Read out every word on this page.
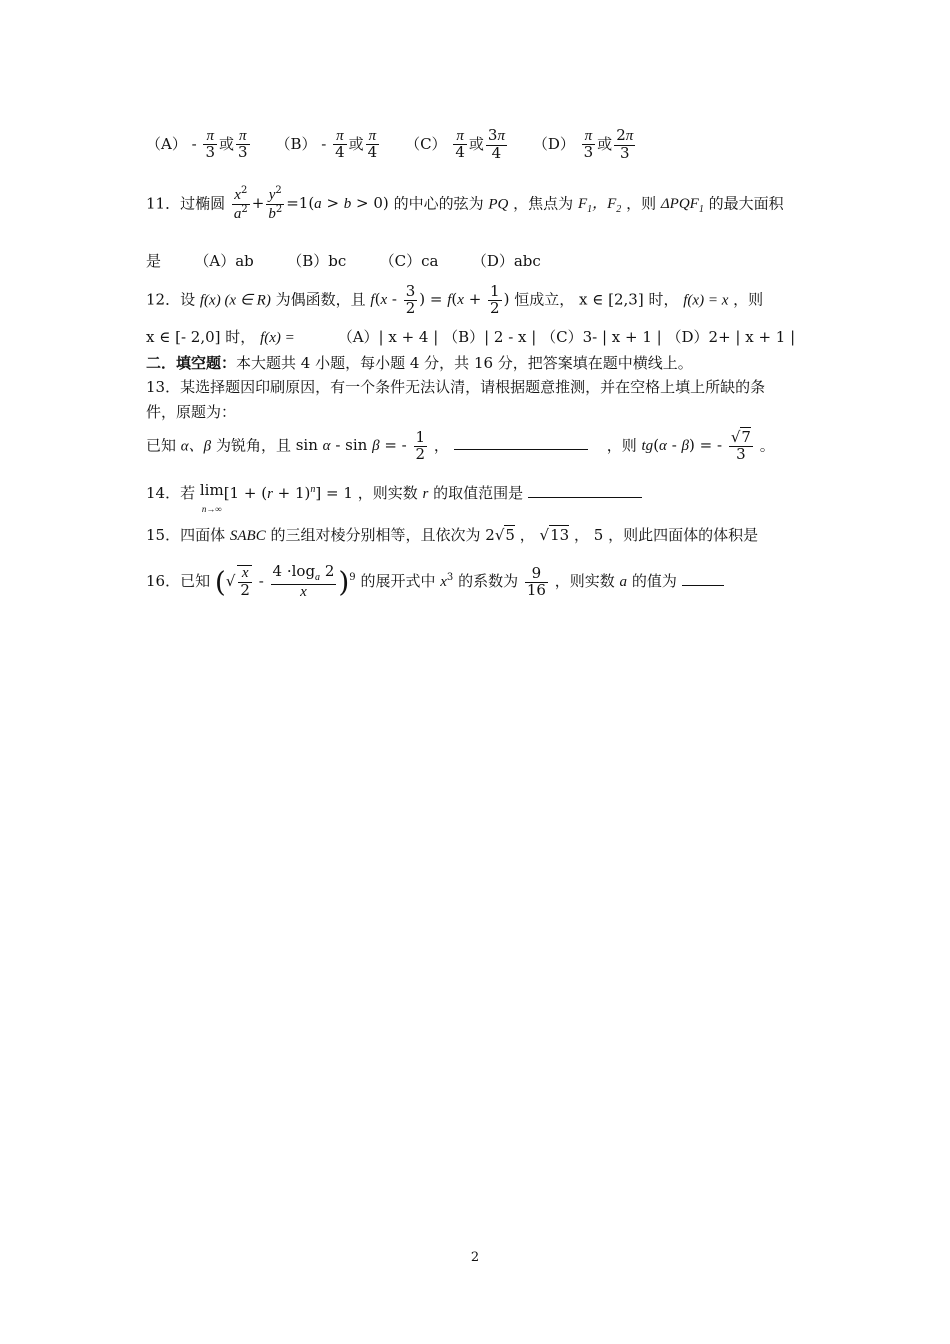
$(A) - \frac{\pi}{3}$ 或 $\frac{\pi}{3} (B) - \frac{\pi}{4}$ 或 $\frac{\pi}{4} (C) \frac{\pi}{4}$ 或 $\frac{3\pi}{4} (D) \frac{\pi}{3}$ 或 $\frac{2\pi}{3}$
11．过椭圆 $\frac{x^2}{a^2} + \frac{y^2}{b^2} =1(a > b > 0)$ 的中心的弦为 PQ ，焦点为 $F_1$，$F_2$ ，则 $\Delta PQF_1$ 的最大面积
是 （A）ab （B）bc （C）ca （D）abc
12．设 f(x) (x ∈ R) 为偶函数，且 $f(x - \frac{3}{2}$ ) = $f(x + \frac{1}{2}$ ) 恒成立， x ∈ [2,3] 时， f(x) = x ，则
x ∈ [- 2,0] 时， f(x) =	（A）| x + 4 | （B）| 2 - x | （C）3- | x + 1 | （D）2+ | x + 1 |
二．填空题：本大题共 4 小题，每小题 4 分，共 16 分，把答案填在题中横线上。
13．某选择题因印刷原因，有一个条件无法认清，请根据题意推测，并在空格上填上所缺的条
件，原题为：
已知 α、β 为锐角，且 sin α - sin β = - $\frac{1}{2}$ ，	，则 tg(α - β) = - $\frac{√7}{3}$ 。
14．若 lim
$n\to\infty[1 + (r + 1)^n] = 1$ ，则实数 r 的取值范围是
15．四面体 SABC 的三组对棱分别相等，且依次为 2√5 ， √13 ， 5 ，则此四面体的体积是
16．已知 (√ $\frac{x}{2} - \frac{4 \cdot\log_a 2}{x} )^9$ 的展开式中 $x^3$ 的系数为 $\frac{9}{16}$ ，则实数 a 的值为
2
